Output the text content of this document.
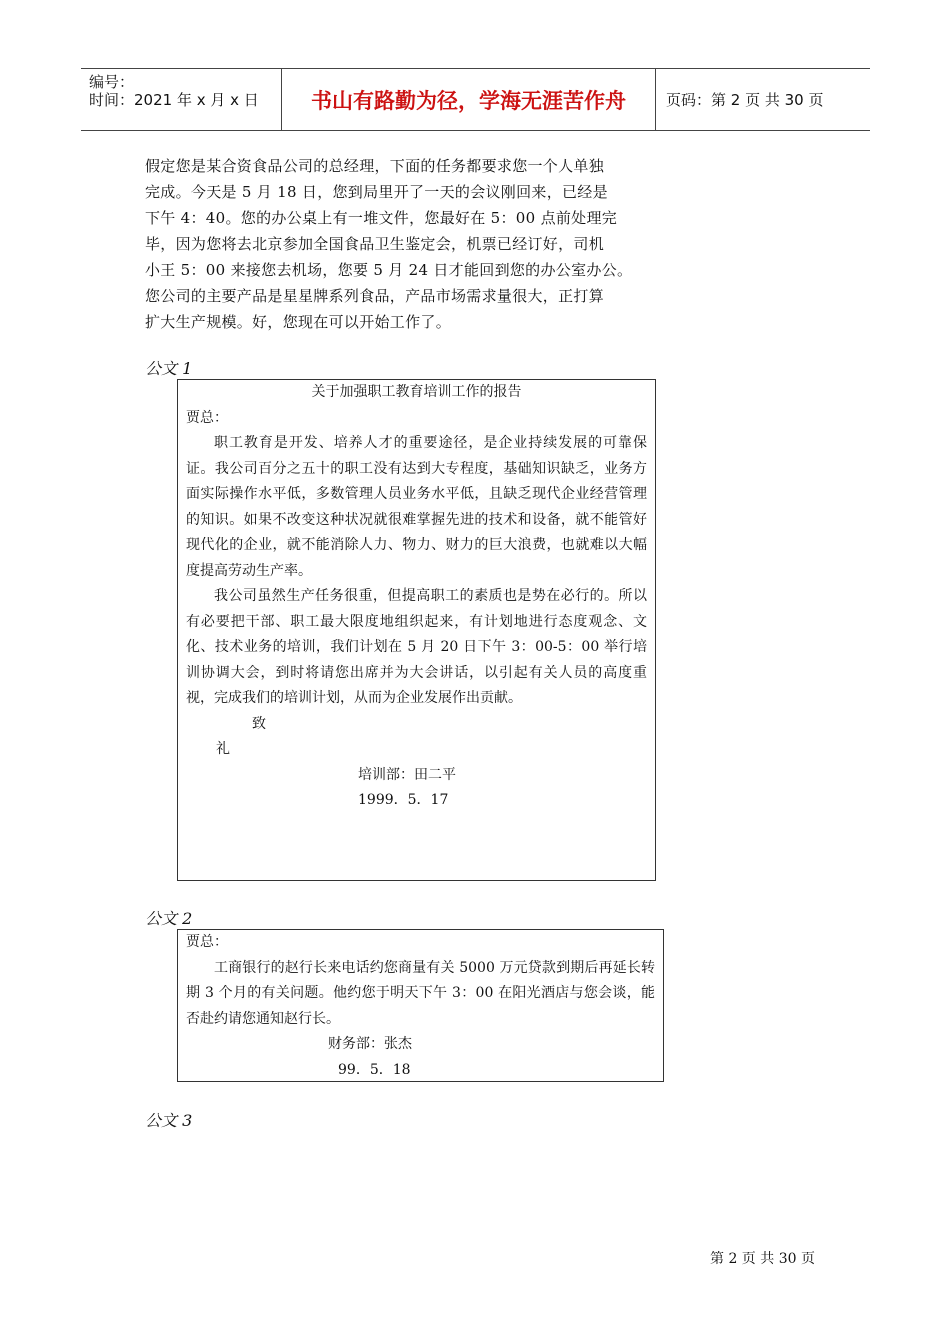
编号：
时间：2021 年 x 月 x 日	书山有路勤为径，学海无涯苦作舟	页码：第 2 页 共 30 页

假定您是某合资食品公司的总经理，下面的任务都要求您一个人单独

完成。今天是 5 月 18 日，您到局里开了一天的会议刚回来，已经是

下午 4：40。您的办公桌上有一堆文件，您最好在 5：00 点前处理完

毕，因为您将去北京参加全国食品卫生鉴定会，机票已经订好，司机

小王 5：00 来接您去机场，您要 5 月 24 日才能回到您的办公室办公。

您公司的主要产品是星星牌系列食品，产品市场需求量很大，正打算

扩大生产规模。好，您现在可以开始工作了。

公文 1

关于加强职工教育培训工作的报告

贾总：

职工教育是开发、培养人才的重要途径，是企业持续发展的可靠保证。我公司百分之五十的职工没有达到大专程度，基础知识缺乏，业务方面实际操作水平低，多数管理人员业务水平低，且缺乏现代企业经营管理的知识。如果不改变这种状况就很难掌握先进的技术和设备，就不能管好现代化的企业，就不能消除人力、物力、财力的巨大浪费，也就难以大幅度提高劳动生产率。

我公司虽然生产任务很重，但提高职工的素质也是势在必行的。所以有必要把干部、职工最大限度地组织起来，有计划地进行态度观念、文化、技术业务的培训，我们计划在 5 月 20 日下午 3：00-5：00 举行培训协调大会，到时将请您出席并为大会讲话，以引起有关人员的高度重视，完成我们的培训计划，从而为企业发展作出贡献。

致

礼

培训部：田二平

1999．5．17

公文 2

贾总：

工商银行的赵行长来电话约您商量有关 5000 万元贷款到期后再延长转期 3 个月的有关问题。他约您于明天下午 3：00 在阳光酒店与您会谈，能否赴约请您通知赵行长。

财务部：张杰

99．5．18

公文 3
第 2 页 共 30 页
